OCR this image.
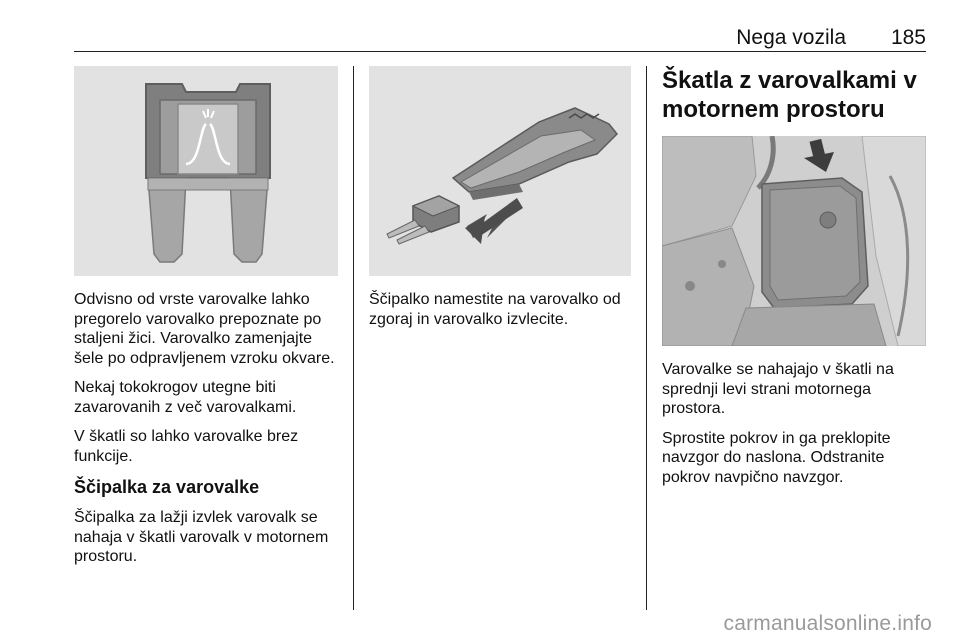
Nega vozila 185

Odvisno od vrste varovalke lahko pregorelo varovalko prepoznate po staljeni žici. Varovalko zamenjajte šele po odpravljenem vzroku okvare.

Nekaj tokokrogov utegne biti zavarovanih z več varovalkami.

V škatli so lahko varovalke brez funkcije.

Ščipalka za varovalke

Ščipalka za lažji izvlek varovalk se nahaja v škatli varovalk v motornem prostoru.

Ščipalko namestite na varovalko od zgoraj in varovalko izvlecite.

Škatla z varovalkami v motornem prostoru

Varovalke se nahajajo v škatli na sprednji levi strani motornega prostora.

Sprostite pokrov in ga preklopite navzgor do naslona. Odstranite pokrov navpično navzgor.

carmanualsonline.info
